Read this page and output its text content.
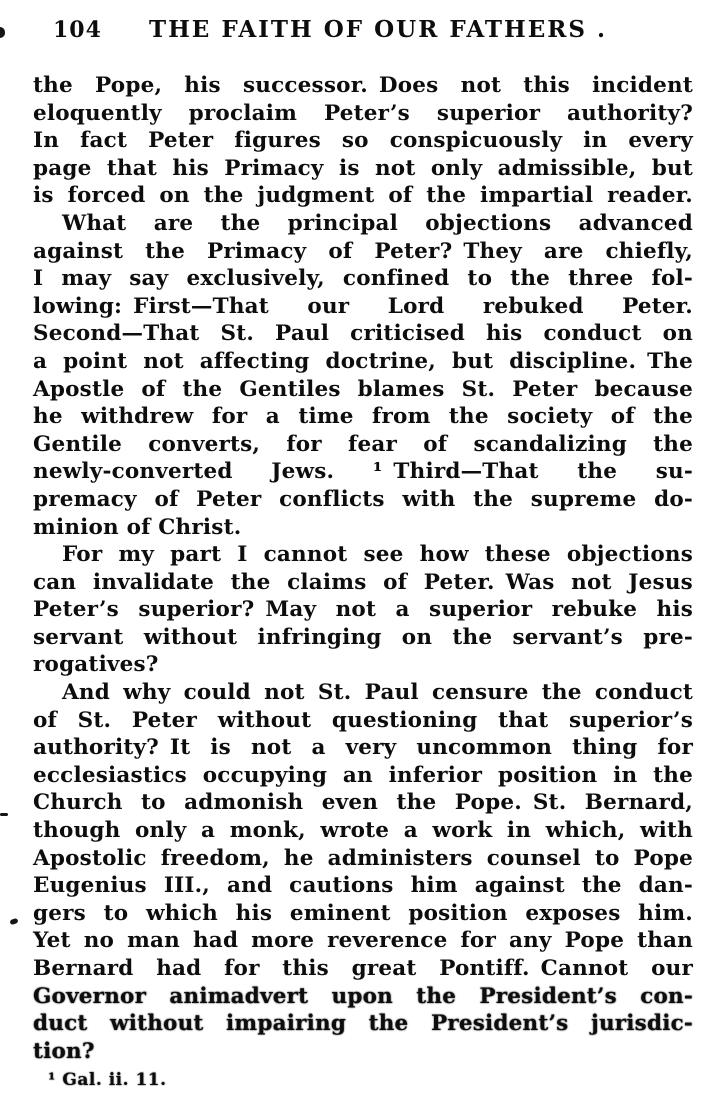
104	THE FAITH OF OUR FATHERS .
the Pope, his successor. Does not this incident
eloquently proclaim Peter’s superior authority?
In fact Peter figures so conspicuously in every
page that his Primacy is not only admissible, but
is forced on the judgment of the impartial reader.
What are the principal objections advanced
against the Primacy of Peter? They are chiefly,
I may say exclusively, confined to the three fol-
lowing: First—That our Lord rebuked Peter.
Second—That St. Paul criticised his conduct on
a point not affecting doctrine, but discipline. The
Apostle of the Gentiles blames St. Peter because
he withdrew for a time from the society of the
Gentile converts, for fear of scandalizing the
newly-converted Jews. ¹ Third—That the su-
premacy of Peter conflicts with the supreme do-
minion of Christ.
For my part I cannot see how these objections
can invalidate the claims of Peter. Was not Jesus
Peter’s superior? May not a superior rebuke his
servant without infringing on the servant’s pre-
rogatives?
And why could not St. Paul censure the conduct
of St. Peter without questioning that superior’s
authority? It is not a very uncommon thing for
ecclesiastics occupying an inferior position in the
Church to admonish even the Pope. St. Bernard,
though only a monk, wrote a work in which, with
Apostolic freedom, he administers counsel to Pope
Eugenius III., and cautions him against the dan-
gers to which his eminent position exposes him.
Yet no man had more reverence for any Pope than
Bernard had for this great Pontiff. Cannot our
Governor animadvert upon the President’s con-
duct without impairing the President’s jurisdic-
tion?
¹ Gal. ii. 11.
